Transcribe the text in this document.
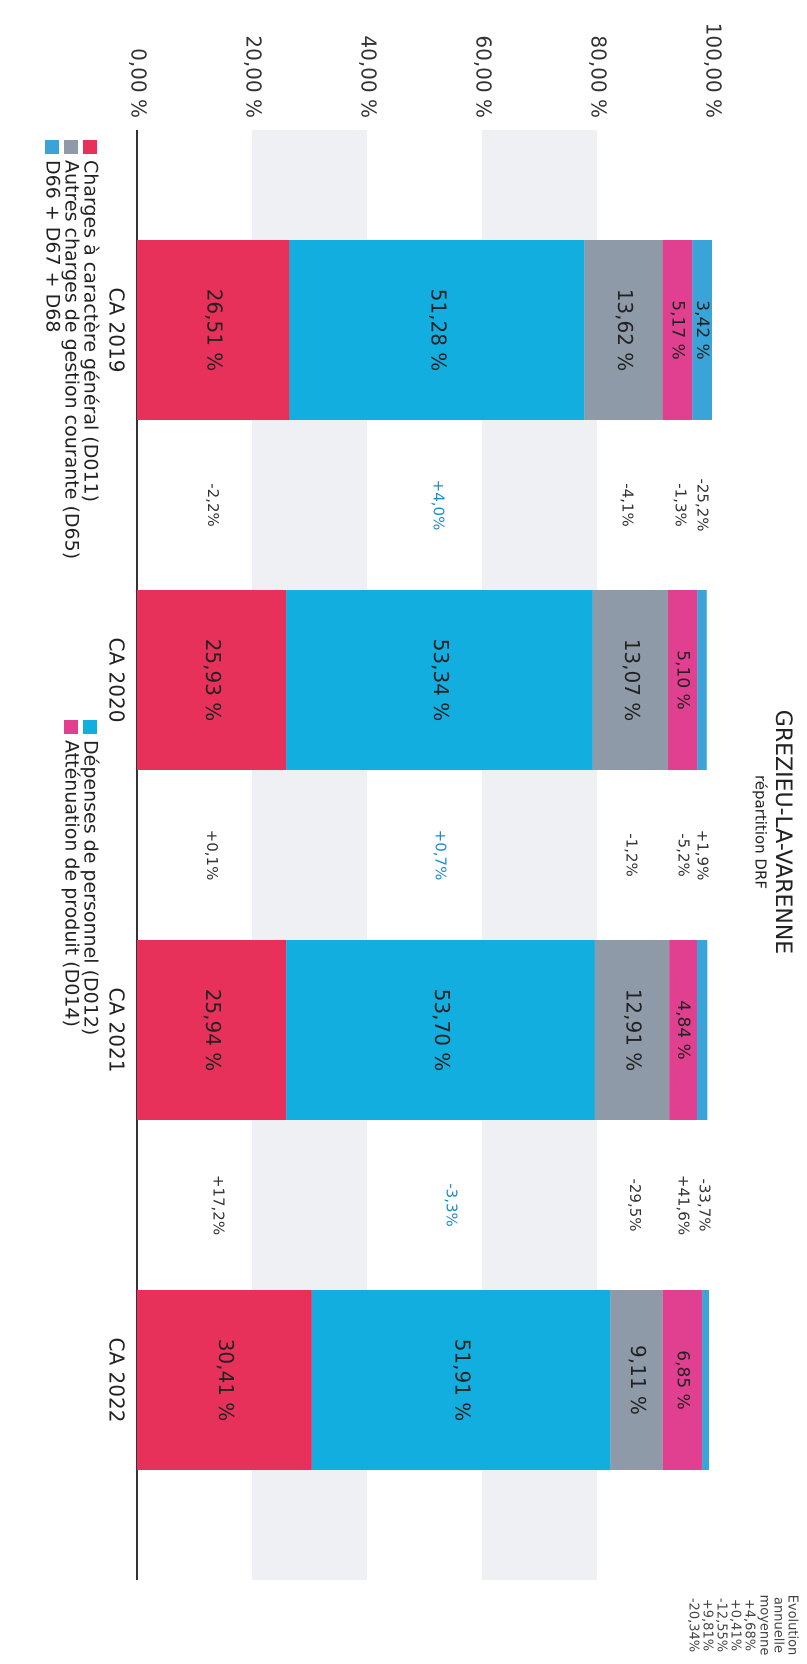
0,00 %	20,00 %	40,00 %	60,00 %	80,00 %	100,00 %
GREZIEU-LA-VARENNE
répartition DRF
26,51 %	51,28 %	13,62 % 5,17 % 3,42 %
CA 2019
25,93 %	53,34 %	13,07 % 5,10 %
CA 2020
25,94 %	53,70 %	12,91 % 4,84 %
CA 2021
30,41 %	51,91 %	9,11 % 6,85 %
CA 2022
-2,2%
+0,1%
+17,2%
+4,0%
+0,7%
-3,3%
-4,1%
-1,2%
-29,5%
-1,3%
-5,2%
+41,6%
-25,2%
+1,9%
-33,7%
Evolution
annuelle
moyenne
+4,68%
+0,41%
-12,55%
+9,81%
-20,34%
Charges à caractère général (D011)
Autres charges de gestion courante (D65)
D66 + D67 + D68
Dépenses de personnel (D012)
Atténuation de produit (D014)
